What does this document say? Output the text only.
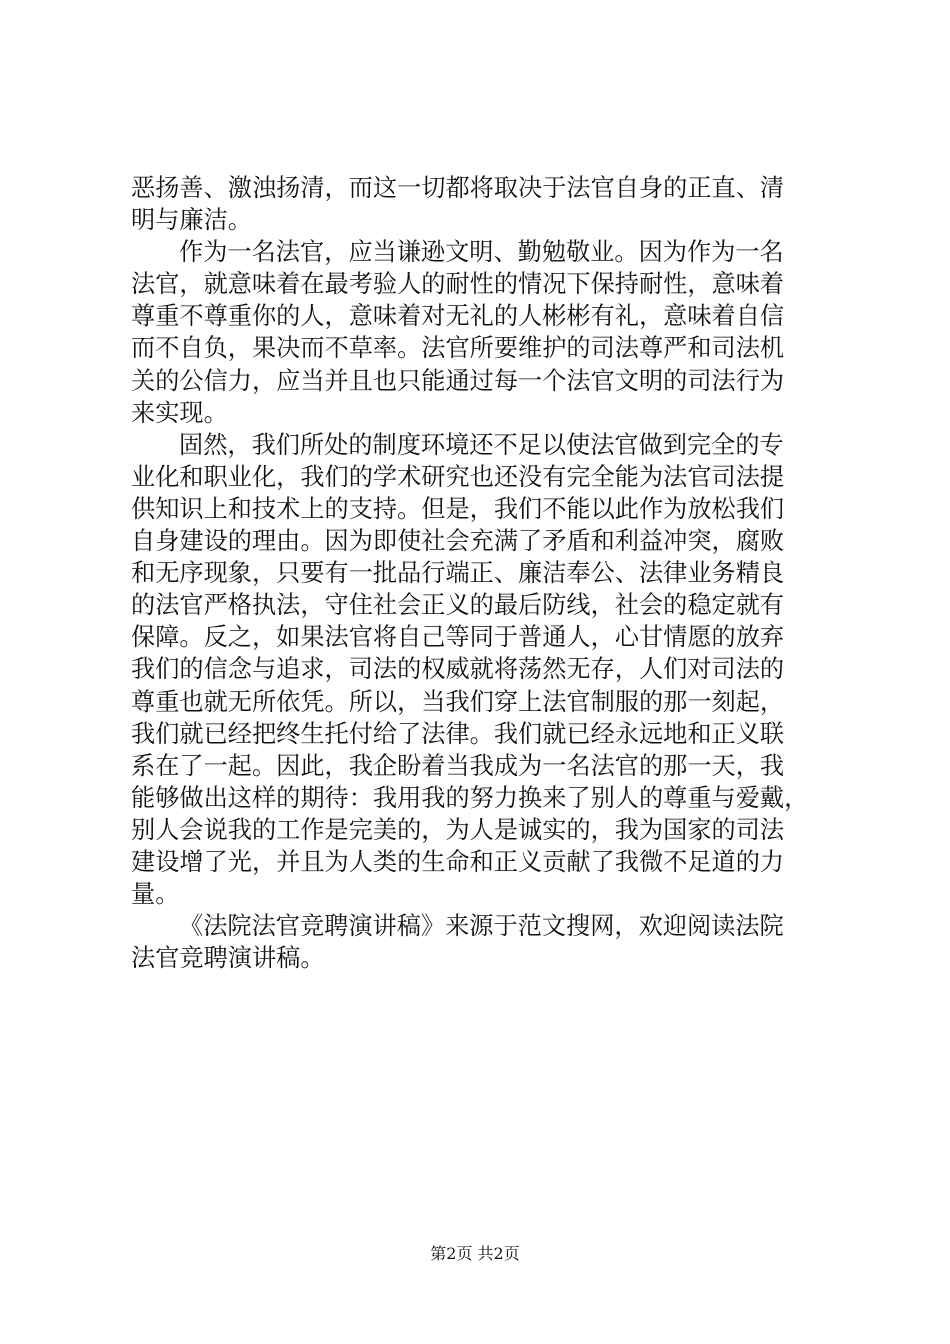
恶扬善、激浊扬清，而这一切都将取决于法官自身的正直、清
明与廉洁。
作为一名法官，应当谦逊文明、勤勉敬业。因为作为一名
法官，就意味着在最考验人的耐性的情况下保持耐性，意味着
尊重不尊重你的人，意味着对无礼的人彬彬有礼，意味着自信
而不自负，果决而不草率。法官所要维护的司法尊严和司法机
关的公信力，应当并且也只能通过每一个法官文明的司法行为
来实现。
固然，我们所处的制度环境还不足以使法官做到完全的专
业化和职业化，我们的学术研究也还没有完全能为法官司法提
供知识上和技术上的支持。但是，我们不能以此作为放松我们
自身建设的理由。因为即使社会充满了矛盾和利益冲突，腐败
和无序现象，只要有一批品行端正、廉洁奉公、法律业务精良
的法官严格执法，守住社会正义的最后防线，社会的稳定就有
保障。反之，如果法官将自己等同于普通人，心甘情愿的放弃
我们的信念与追求，司法的权威就将荡然无存，人们对司法的
尊重也就无所依凭。所以，当我们穿上法官制服的那一刻起，
我们就已经把终生托付给了法律。我们就已经永远地和正义联
系在了一起。因此，我企盼着当我成为一名法官的那一天，我
能够做出这样的期待：我用我的努力换来了别人的尊重与爱戴，
别人会说我的工作是完美的，为人是诚实的，我为国家的司法
建设增了光，并且为人类的生命和正义贡献了我微不足道的力
量。
《法院法官竞聘演讲稿》来源于范文搜网，欢迎阅读法院
法官竞聘演讲稿。
第2页 共2页
